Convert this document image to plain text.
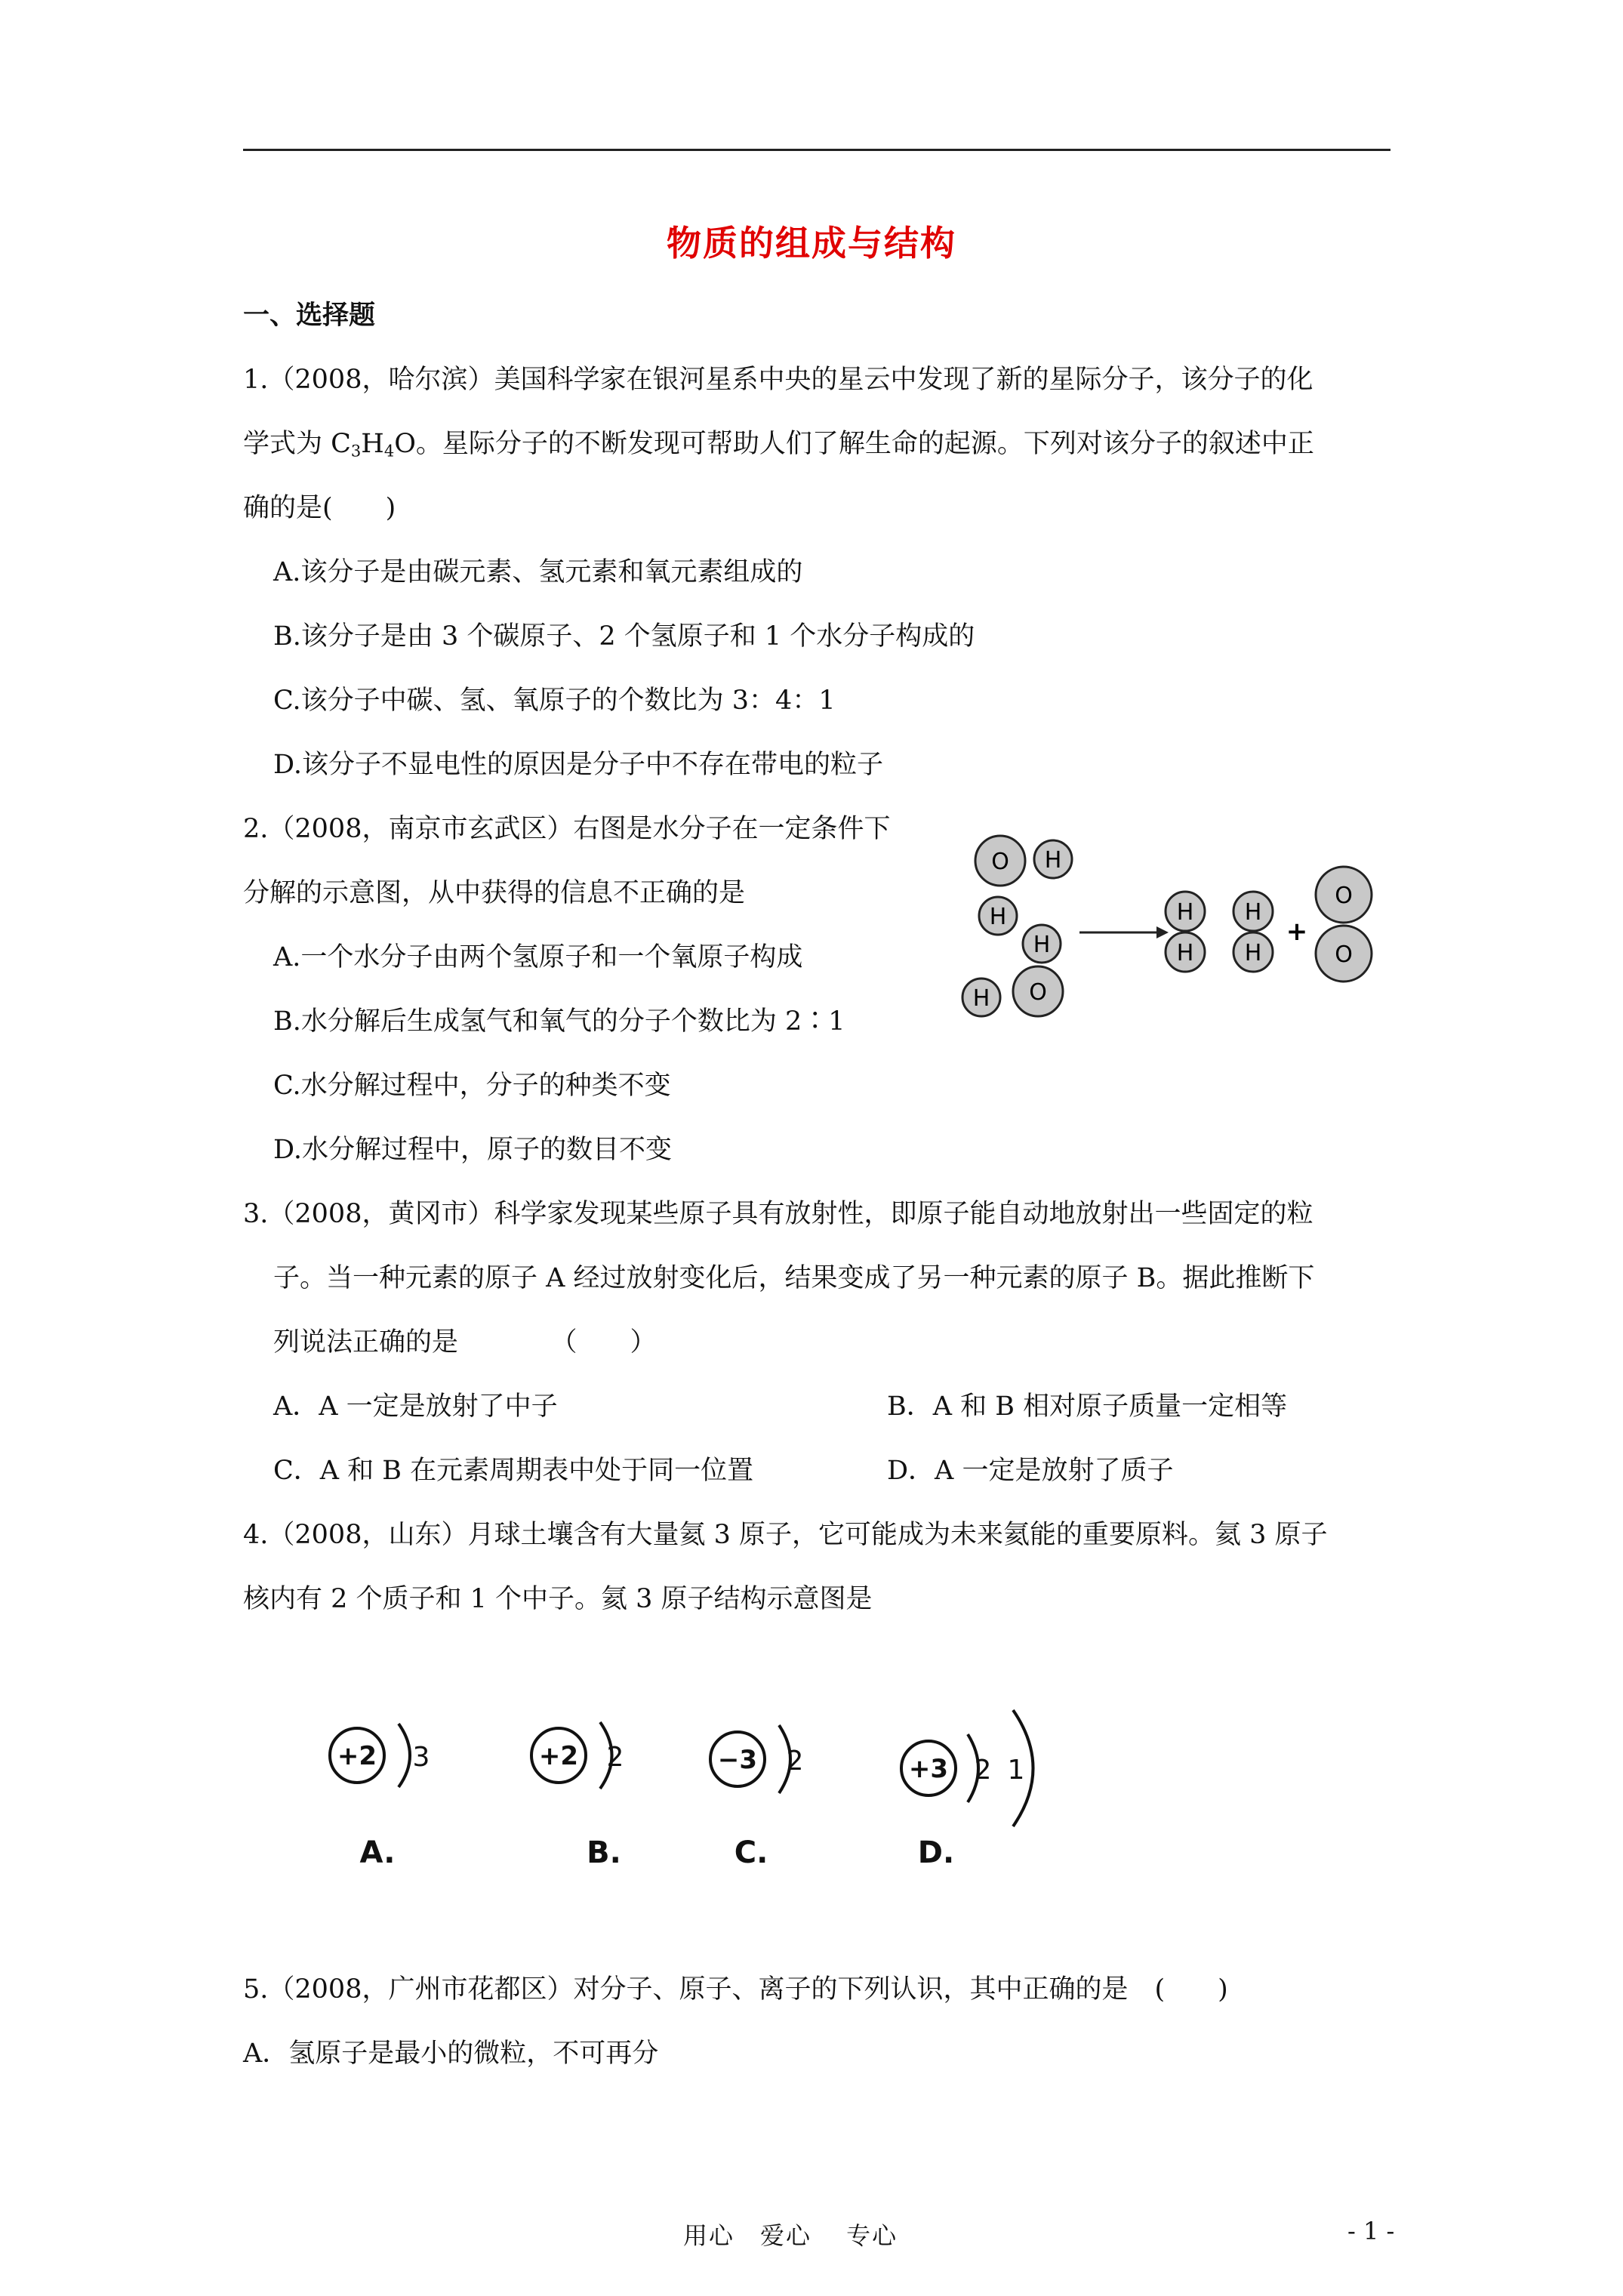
物质的组成与结构
一、选择题
1.（2008，哈尔滨）美国科学家在银河星系中央的星云中发现了新的星际分子，该分子的化
学式为 $C_3H_4O$。星际分子的不断发现可帮助人们了解生命的起源。下列对该分子的叙述中正
确的是(　　)
A.该分子是由碳元素、氢元素和氧元素组成的
B.该分子是由 3 个碳原子、2 个氢原子和 1 个水分子构成的
C.该分子中碳、氢、氧原子的个数比为 3：4：1
D.该分子不显电性的原因是分子中不存在带电的粒子
2.（2008，南京市玄武区）右图是水分子在一定条件下
分解的示意图，从中获得的信息不正确的是
A.一个水分子由两个氢原子和一个氧原子构成
B.水分解后生成氢气和氧气的分子个数比为 2∶1
C.水分解过程中，分子的种类不变
D.水分解过程中，原子的数目不变
O H
H
H
O
H
H
H
H
H
+
O
O
3.（2008，黄冈市）科学家发现某些原子具有放射性，即原子能自动地放射出一些固定的粒
子。当一种元素的原子 A 经过放射变化后，结果变成了另一种元素的原子 B。据此推断下
列说法正确的是　　　　（　　）
A．A 一定是放射了中子	B．A 和 B 相对原子质量一定相等
C．A 和 B 在元素周期表中处于同一位置	D．A 一定是放射了质子
4.（2008，山东）月球土壤含有大量氦 3 原子，它可能成为未来氦能的重要原料。氦 3 原子
核内有 2 个质子和 1 个中子。氦 3 原子结构示意图是
+2	+2	−3	+3
3	2	2	2 1
A.	B.	C.	D.
5.（2008，广州市花都区）对分子、原子、离子的下列认识，其中正确的是　(　　)
A．氢原子是最小的微粒，不可再分
用心　爱心　 专心	- 1 -
